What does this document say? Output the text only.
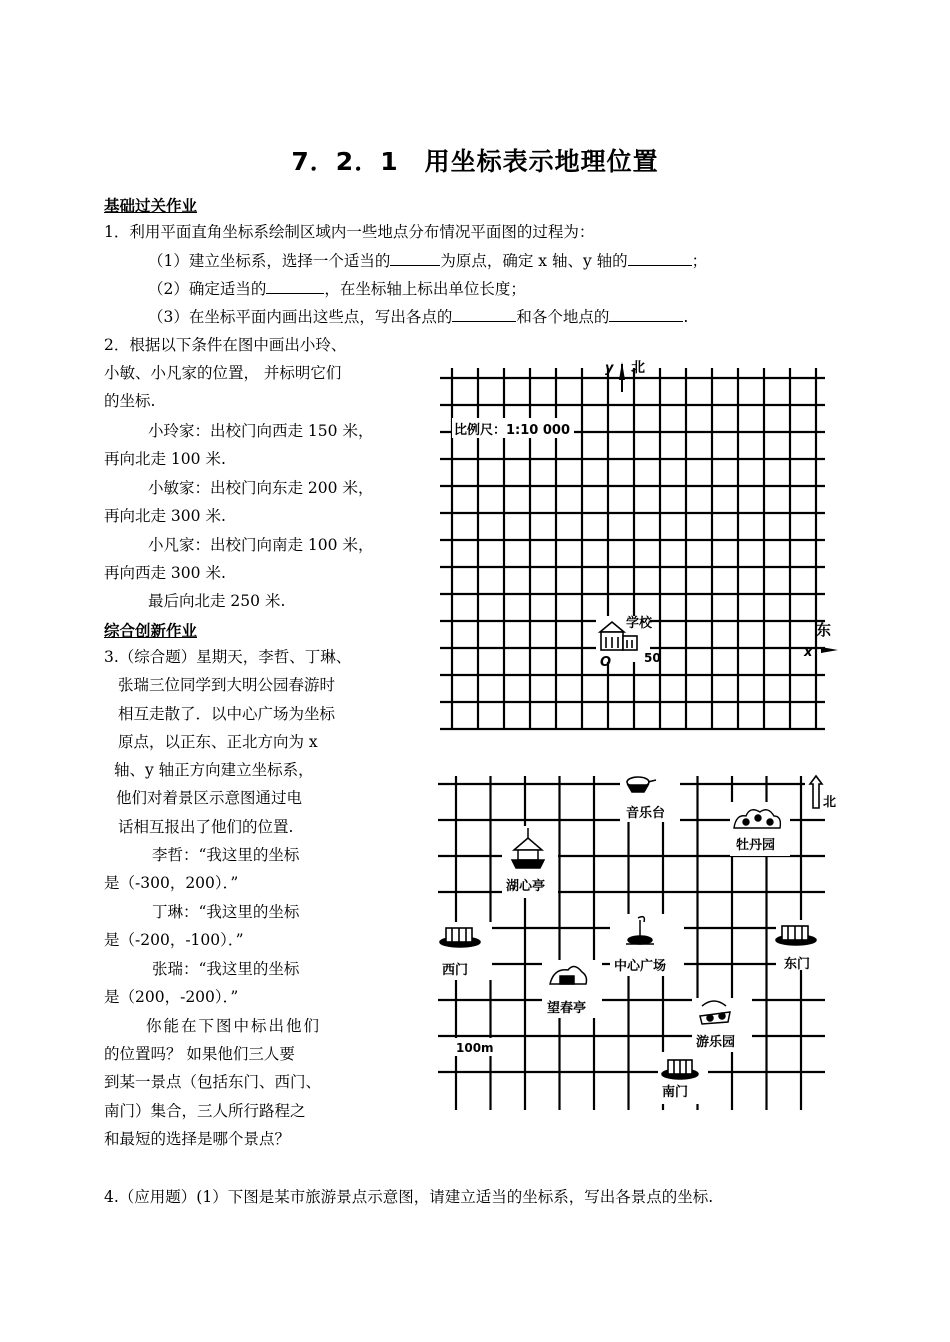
7．2．1　用坐标表示地理位置
基础过关作业
1．利用平面直角坐标系绘制区域内一些地点分布情况平面图的过程为：
（1）建立坐标系，选择一个适当的	为原点，确定 x 轴、y 轴的	；
（2）确定适当的	，在坐标轴上标出单位长度；
（3）在坐标平面内画出这些点，写出各点的	和各个地点的	.
2．根据以下条件在图中画出小玲、
小敏、小凡家的位置， 并标明它们
的坐标.
小玲家：出校门向西走 150 米，
再向北走 100 米.
小敏家：出校门向东走 200 米，
再向北走 300 米.
小凡家：出校门向南走 100 米，
再向西走 300 米.
最后向北走 250 米.
综合创新作业
3.（综合题）星期天，李哲、丁琳、
张瑞三位同学到大明公园春游时
相互走散了．以中心广场为坐标
原点，以正东、正北方向为 x
轴、y 轴正方向建立坐标系，
他们对着景区示意图通过电
话相互报出了他们的位置.
李哲：“我这里的坐标
是（-300，200）．”
丁琳：“我这里的坐标
是（-200，-100）．”
张瑞：“我这里的坐标
是（200，-200）．”
你能在下图中标出他们
的位置吗？ 如果他们三人要
到某一景点（包括东门、西门、
南门）集合，三人所行路程之
和最短的选择是哪个景点？
4.（应用题）(1）下图是某市旅游景点示意图，请建立适当的坐标系，写出各景点的坐标.
y 北
比例尺：1:10 000
东
x
学校
O	50
北
音乐台
牡丹园
湖心亭
西门	中心广场	东门
望春亭
游乐园
南门
100m
